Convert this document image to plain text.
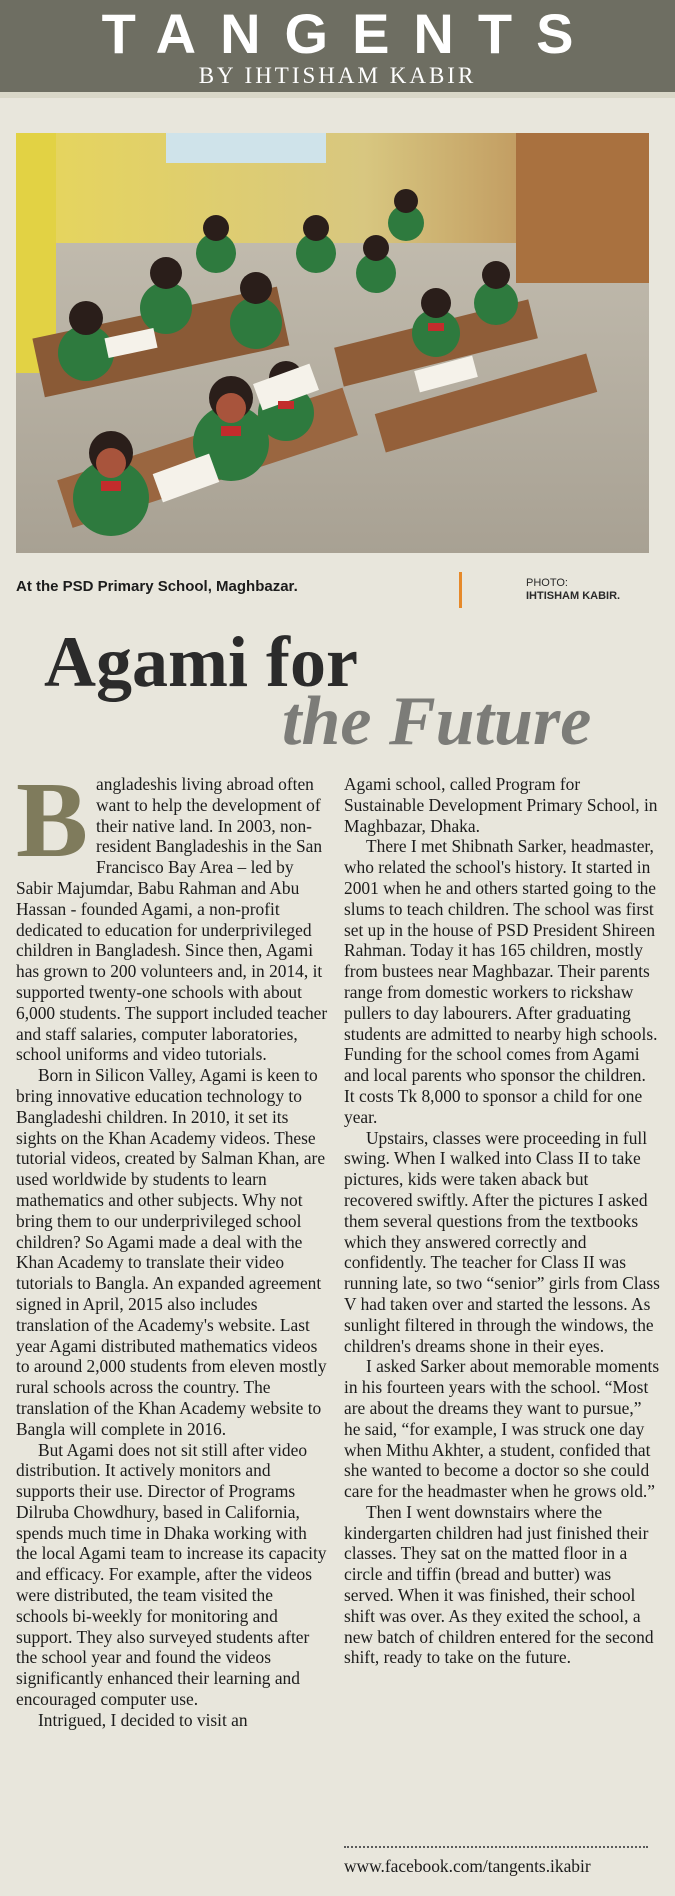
TANGENTS
BY IHTISHAM KABIR
At the PSD Primary School, Maghbazar.	PHOTO:
IHTISHAM KABIR.
Agami for
the Future

Bangladeshis living abroad often want to help the development of their native land. In 2003, non-resident Bangladeshis in the San Francisco Bay Area – led by Sabir Majumdar, Babu Rahman and Abu Hassan - founded Agami, a non-profit dedicated to education for underprivileged children in Bangladesh. Since then, Agami has grown to 200 volunteers and, in 2014, it supported twenty-one schools with about 6,000 students. The support included teacher and staff salaries, computer laboratories, school uniforms and video tutorials.

Born in Silicon Valley, Agami is keen to bring innovative education technology to Bangladeshi children. In 2010, it set its sights on the Khan Academy videos. These tutorial videos, created by Salman Khan, are used worldwide by students to learn mathematics and other subjects. Why not bring them to our underprivileged school children? So Agami made a deal with the Khan Academy to translate their video tutorials to Bangla. An expanded agreement signed in April, 2015 also includes translation of the Academy's website. Last year Agami distributed mathematics videos to around 2,000 students from eleven mostly rural schools across the country. The translation of the Khan Academy website to Bangla will complete in 2016.

But Agami does not sit still after video distribution. It actively monitors and supports their use. Director of Programs Dilruba Chowdhury, based in California, spends much time in Dhaka working with the local Agami team to increase its capacity and efficacy. For example, after the videos were distributed, the team visited the schools bi-weekly for monitoring and support. They also surveyed students after the school year and found the videos significantly enhanced their learning and encouraged computer use.

Intrigued, I decided to visit an

Agami school, called Program for Sustainable Development Primary School, in Maghbazar, Dhaka.

There I met Shibnath Sarker, headmaster, who related the school's history. It started in 2001 when he and others started going to the slums to teach children. The school was first set up in the house of PSD President Shireen Rahman. Today it has 165 children, mostly from bustees near Maghbazar. Their parents range from domestic workers to rickshaw pullers to day labourers. After graduating students are admitted to nearby high schools. Funding for the school comes from Agami and local parents who sponsor the children. It costs Tk 8,000 to sponsor a child for one year.

Upstairs, classes were proceeding in full swing. When I walked into Class II to take pictures, kids were taken aback but recovered swiftly. After the pictures I asked them several questions from the textbooks which they answered correctly and confidently. The teacher for Class II was running late, so two “senior” girls from Class V had taken over and started the lessons. As sunlight filtered in through the windows, the children's dreams shone in their eyes.

I asked Sarker about memorable moments in his fourteen years with the school. “Most are about the dreams they want to pursue,” he said, “for example, I was struck one day when Mithu Akhter, a student, confided that she wanted to become a doctor so she could care for the headmaster when he grows old.”

Then I went downstairs where the kindergarten children had just finished their classes. They sat on the matted floor in a circle and tiffin (bread and butter) was served. When it was finished, their school shift was over. As they exited the school, a new batch of children entered for the second shift, ready to take on the future.

www.facebook.com/tangents.ikabir
